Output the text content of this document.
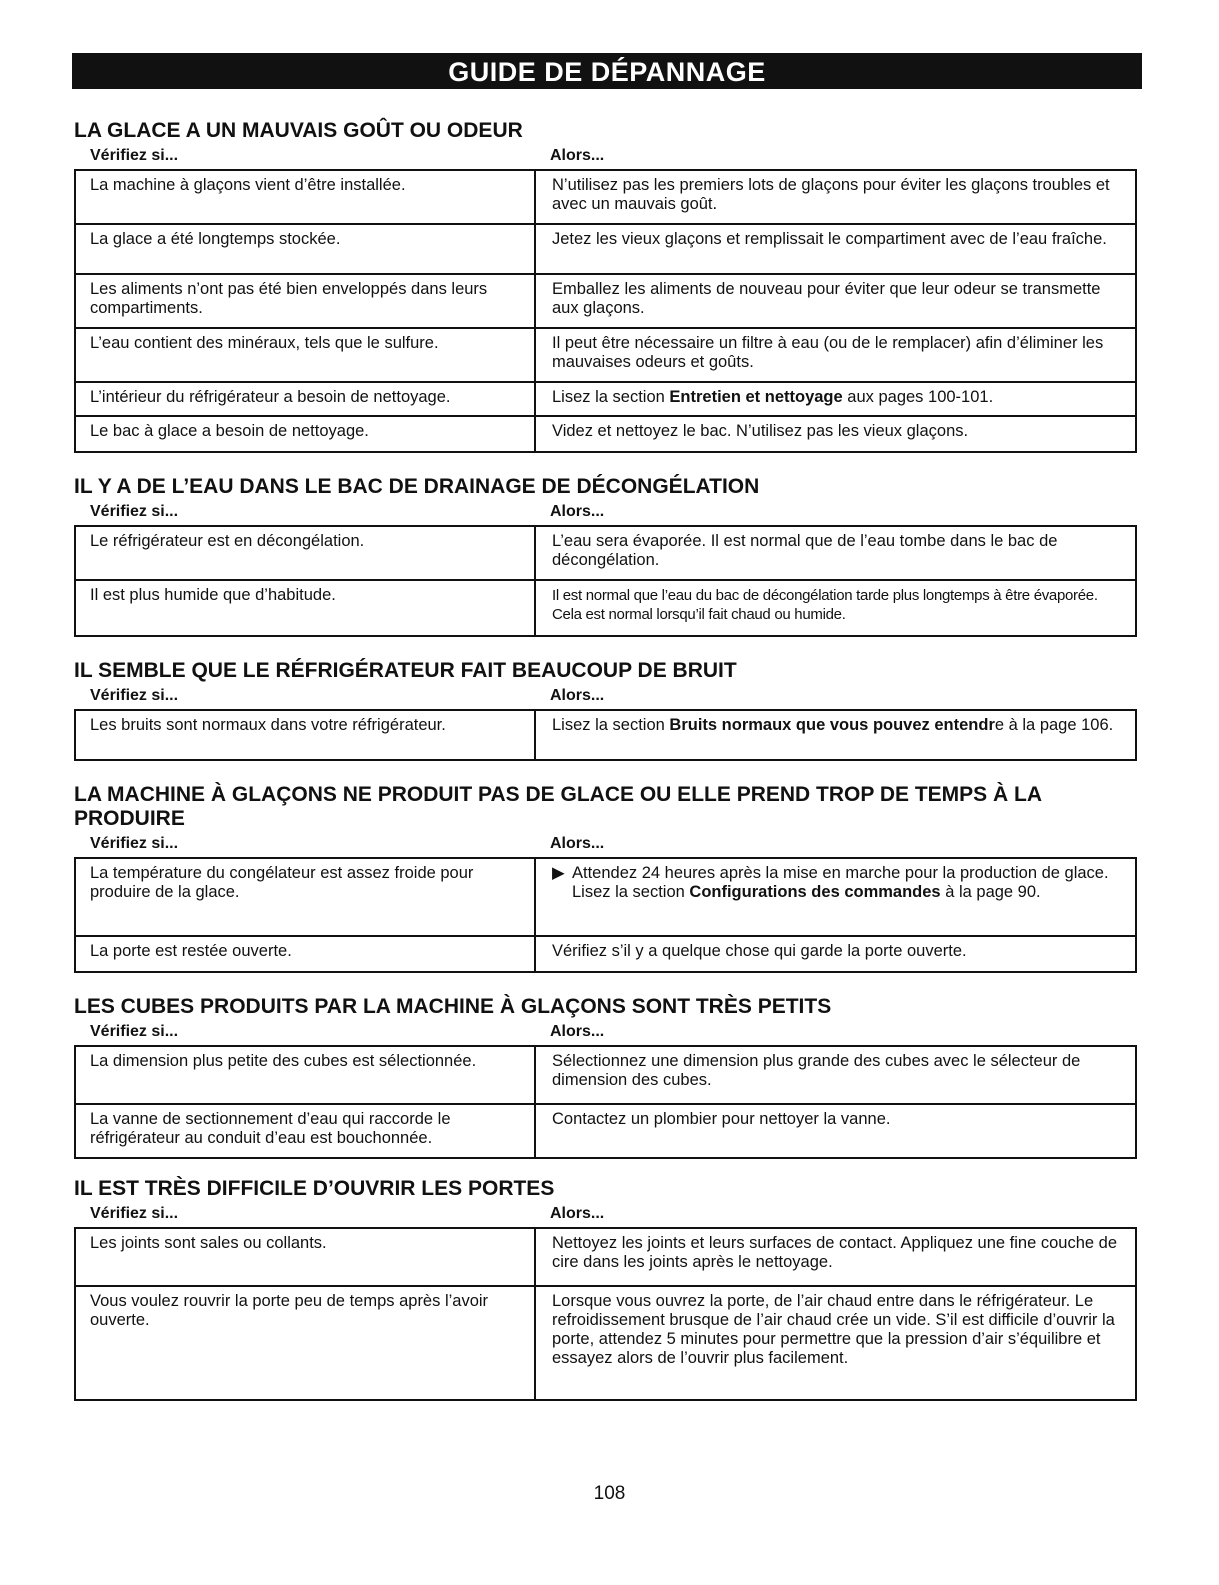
GUIDE DE DÉPANNAGE
LA GLACE A UN MAUVAIS GOÛT OU ODEUR
Vérifiez si...	Alors...
La machine à glaçons vient d’être installée.	N’utilisez pas les premiers lots de glaçons pour éviter les glaçons troubles et avec un mauvais goût.
La glace a été longtemps stockée.	Jetez les vieux glaçons et remplissait le compartiment avec de l’eau fraîche.
Les aliments n’ont pas été bien enveloppés dans leurs compartiments.	Emballez les aliments de nouveau pour éviter que leur odeur se transmette aux glaçons.
L’eau contient des minéraux, tels que le sulfure.	Il peut être nécessaire un filtre à eau (ou de le remplacer) afin d’éliminer les mauvaises odeurs et goûts.
L’intérieur du réfrigérateur a besoin de nettoyage.	Lisez la section Entretien et nettoyage aux pages 100-101.
Le bac à glace a besoin de nettoyage.	Videz et nettoyez le bac. N’utilisez pas les vieux glaçons.
IL Y A DE L’EAU DANS LE BAC DE DRAINAGE DE DÉCONGÉLATION
Vérifiez si...	Alors...
Le réfrigérateur est en décongélation.	L’eau sera évaporée. Il est normal que de l’eau tombe dans le bac de décongélation.
Il est plus humide que d’habitude.	Il est normal que l’eau du bac de décongélation tarde plus longtemps à être évaporée. Cela est normal lorsqu’il fait chaud ou humide.
IL SEMBLE QUE LE RÉFRIGÉRATEUR FAIT BEAUCOUP DE BRUIT
Vérifiez si...	Alors...
Les bruits sont normaux dans votre réfrigérateur.	Lisez la section Bruits normaux que vous pouvez entendre à la page 106.
LA MACHINE À GLAÇONS NE PRODUIT PAS DE GLACE OU ELLE PREND TROP DE TEMPS À LA PRODUIRE
Vérifiez si...	Alors...
La température du congélateur est assez froide pour produire de la glace.	▶ Attendez 24 heures après la mise en marche pour la production de glace. Lisez la section Configurations des commandes à la page 90.

La porte est restée ouverte.	Vérifiez s’il y a quelque chose qui garde la porte ouverte.
LES CUBES PRODUITS PAR LA MACHINE À GLAÇONS SONT TRÈS PETITS
Vérifiez si...	Alors...
La dimension plus petite des cubes est sélectionnée.	Sélectionnez une dimension plus grande des cubes avec le sélecteur de dimension des cubes.
La vanne de sectionnement d’eau qui raccorde le réfrigérateur au conduit d’eau est bouchonnée.	Contactez un plombier pour nettoyer la vanne.
IL EST TRÈS DIFFICILE D’OUVRIR LES PORTES
Vérifiez si...	Alors...
Les joints sont sales ou collants.	Nettoyez les joints et leurs surfaces de contact. Appliquez une fine couche de cire dans les joints après le nettoyage.
Vous voulez rouvrir la porte peu de temps après l’avoir ouverte.	Lorsque vous ouvrez la porte, de l’air chaud entre dans le réfrigérateur. Le refroidissement brusque de l’air chaud crée un vide. S’il est difficile d’ouvrir la porte, attendez 5 minutes pour permettre que la pression d’air s’équilibre et essayez alors de l’ouvrir plus facilement.
108
